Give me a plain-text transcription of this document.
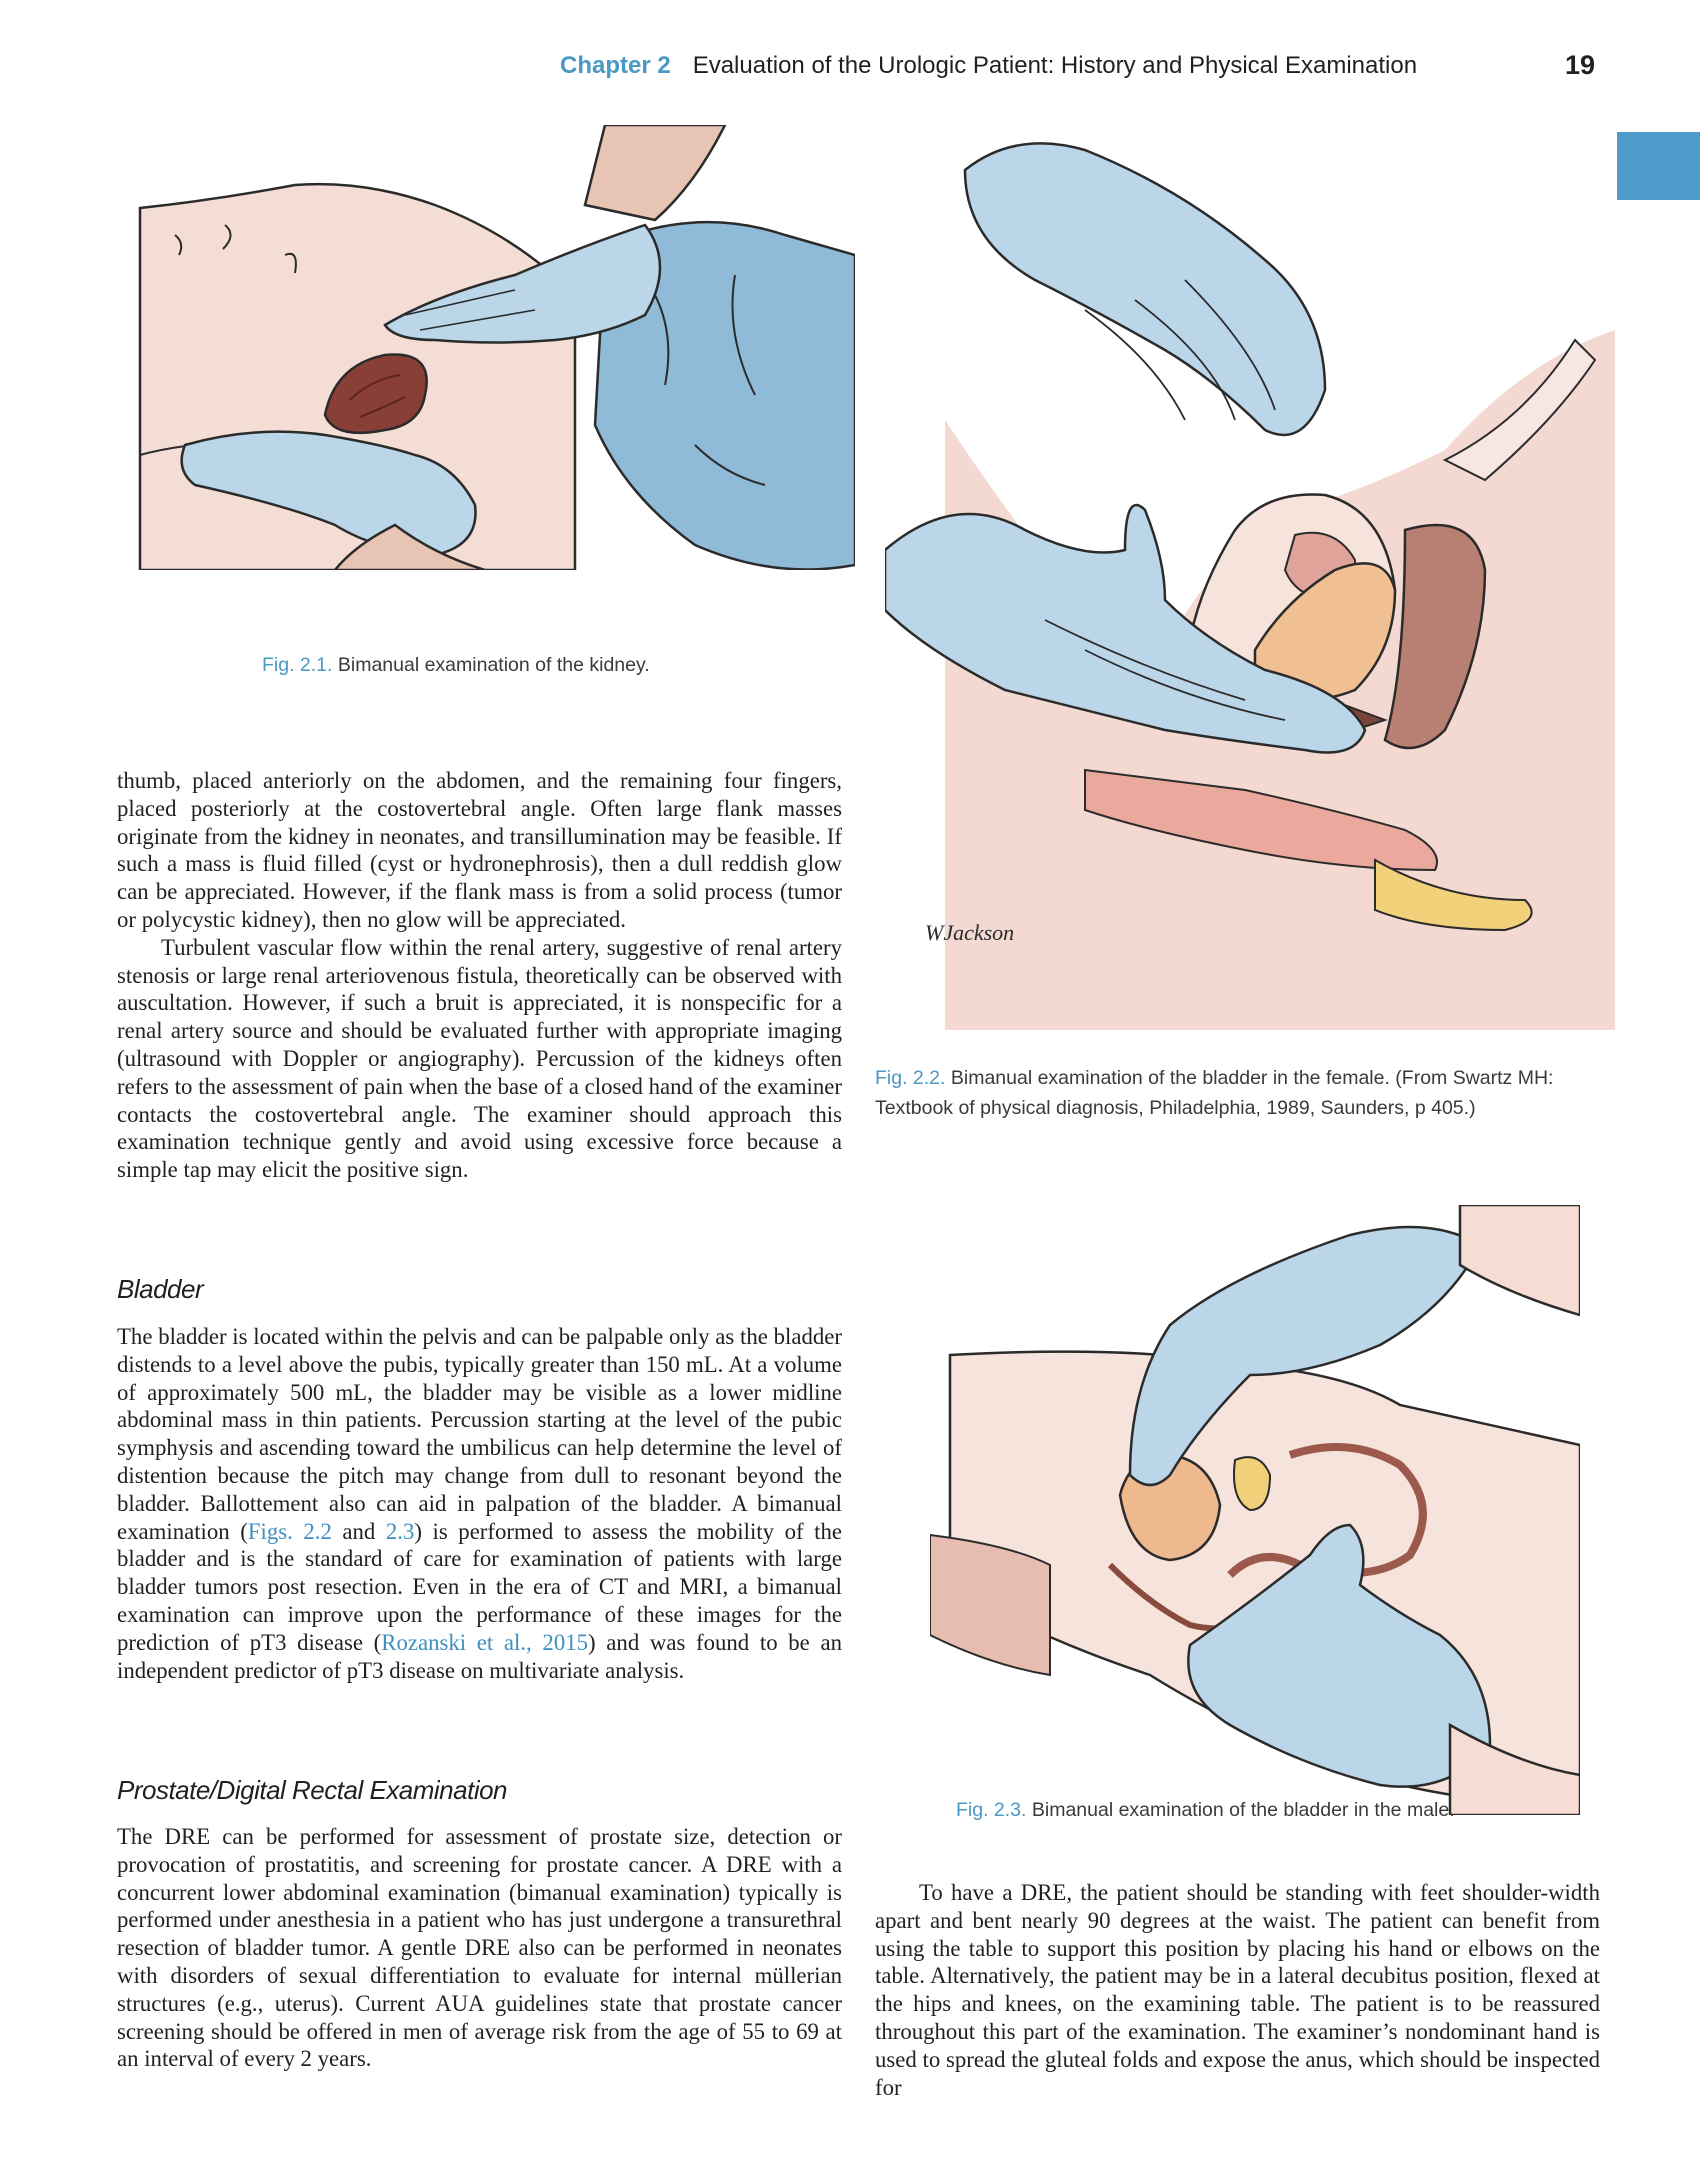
Chapter 2 Evaluation of the Urologic Patient: History and Physical Examination	19
Fig. 2.1. Bimanual examination of the kidney.
WJackson
Fig. 2.2. Bimanual examination of the bladder in the female. (From Swartz MH: Textbook of physical diagnosis, Philadelphia, 1989, Saunders, p 405.)
Fig. 2.3. Bimanual examination of the bladder in the male.

thumb, placed anteriorly on the abdomen, and the remaining four fingers, placed posteriorly at the costovertebral angle. Often large flank masses originate from the kidney in neonates, and transillumination may be feasible. If such a mass is fluid filled (cyst or hydronephrosis), then a dull reddish glow can be appreciated. However, if the flank mass is from a solid process (tumor or polycystic kidney), then no glow will be appreciated.

Turbulent vascular flow within the renal artery, suggestive of renal artery stenosis or large renal arteriovenous fistula, theoretically can be observed with auscultation. However, if such a bruit is appreciated, it is nonspecific for a renal artery source and should be evaluated further with appropriate imaging (ultrasound with Doppler or angiography). Percussion of the kidneys often refers to the assessment of pain when the base of a closed hand of the examiner contacts the costovertebral angle. The examiner should approach this examination technique gently and avoid using excessive force because a simple tap may elicit the positive sign.

Bladder

The bladder is located within the pelvis and can be palpable only as the bladder distends to a level above the pubis, typically greater than 150 mL. At a volume of approximately 500 mL, the bladder may be visible as a lower midline abdominal mass in thin patients. Percussion starting at the level of the pubic symphysis and ascending toward the umbilicus can help determine the level of distention because the pitch may change from dull to resonant beyond the bladder. Ballottement also can aid in palpation of the bladder. A bimanual examination (Figs. 2.2 and 2.3) is performed to assess the mobility of the bladder and is the standard of care for examination of patients with large bladder tumors post resection. Even in the era of CT and MRI, a bimanual examination can improve upon the performance of these images for the prediction of pT3 disease (Rozanski et al., 2015) and was found to be an independent predictor of pT3 disease on multivariate analysis.

Prostate/Digital Rectal Examination

The DRE can be performed for assessment of prostate size, detection or provocation of prostatitis, and screening for prostate cancer. A DRE with a concurrent lower abdominal examination (bimanual examination) typically is performed under anesthesia in a patient who has just undergone a transurethral resection of bladder tumor. A gentle DRE also can be performed in neonates with disorders of sexual differentiation to evaluate for internal müllerian structures (e.g., uterus). Current AUA guidelines state that prostate cancer screening should be offered in men of average risk from the age of 55 to 69 at an interval of every 2 years.

To have a DRE, the patient should be standing with feet shoulder-width apart and bent nearly 90 degrees at the waist. The patient can benefit from using the table to support this position by placing his hand or elbows on the table. Alternatively, the patient may be in a lateral decubitus position, flexed at the hips and knees, on the examining table. The patient is to be reassured throughout this part of the examination. The examiner’s nondominant hand is used to spread the gluteal folds and expose the anus, which should be inspected for
